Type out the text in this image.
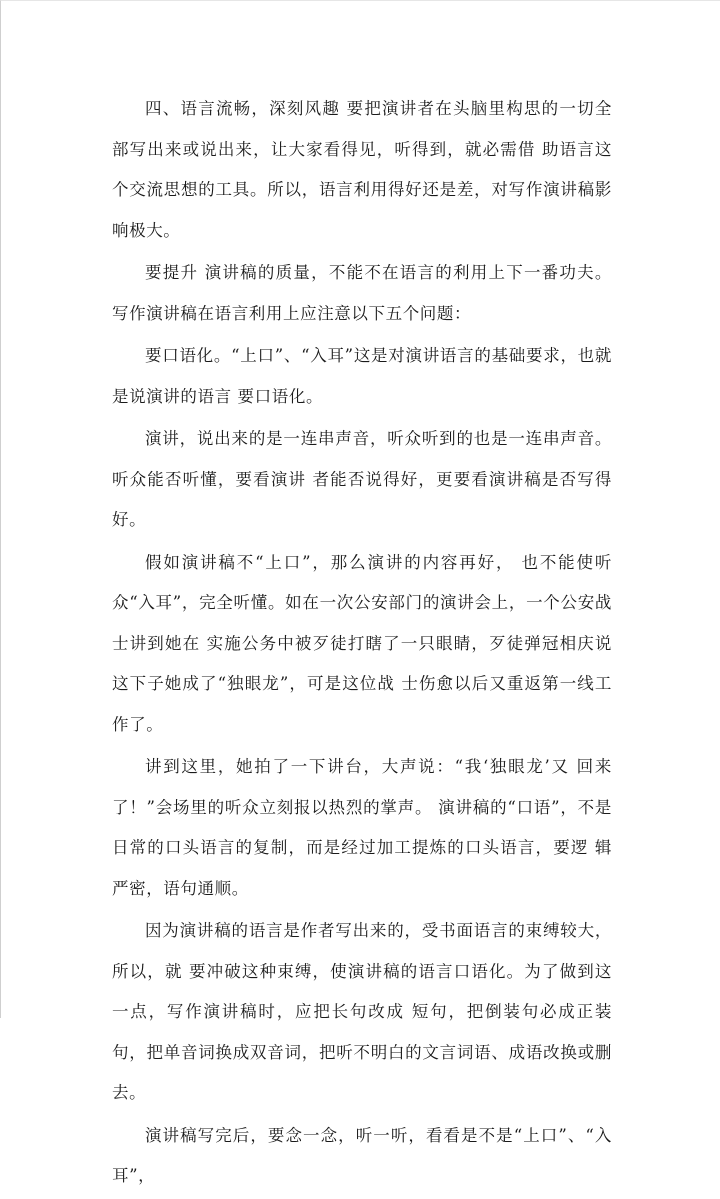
四、语言流畅，深刻风趣 要把演讲者在头脑里构思的一切全部写出来或说出来，让大家看得见，听得到，就必需借 助语言这个交流思想的工具。所以，语言利用得好还是差，对写作演讲稿影响极大。

要提升 演讲稿的质量，不能不在语言的利用上下一番功夫。写作演讲稿在语言利用上应注意以下五个问题：

要口语化。“上口”、“入耳”这是对演讲语言的基础要求，也就是说演讲的语言 要口语化。

演讲，说出来的是一连串声音，听众听到的也是一连串声音。听众能否听懂，要看演讲 者能否说得好，更要看演讲稿是否写得好。

假如演讲稿不“上口”，那么演讲的内容再好， 也不能使听众“入耳”，完全听懂。如在一次公安部门的演讲会上，一个公安战士讲到她在 实施公务中被歹徒打瞎了一只眼睛，歹徒弹冠相庆说这下子她成了“独眼龙”，可是这位战 士伤愈以后又重返第一线工作了。

讲到这里，她拍了一下讲台，大声说：“我‘独眼龙’又 回来了！”会场里的听众立刻报以热烈的掌声。 演讲稿的“口语”，不是日常的口头语言的复制，而是经过加工提炼的口头语言，要逻 辑严密，语句通顺。

因为演讲稿的语言是作者写出来的，受书面语言的束缚较大，所以，就 要冲破这种束缚，使演讲稿的语言口语化。为了做到这一点，写作演讲稿时，应把长句改成 短句，把倒装句必成正装句，把单音词换成双音词，把听不明白的文言词语、成语改换或删 去。

演讲稿写完后，要念一念，听一听，看看是不是“上口”、“入耳”，
